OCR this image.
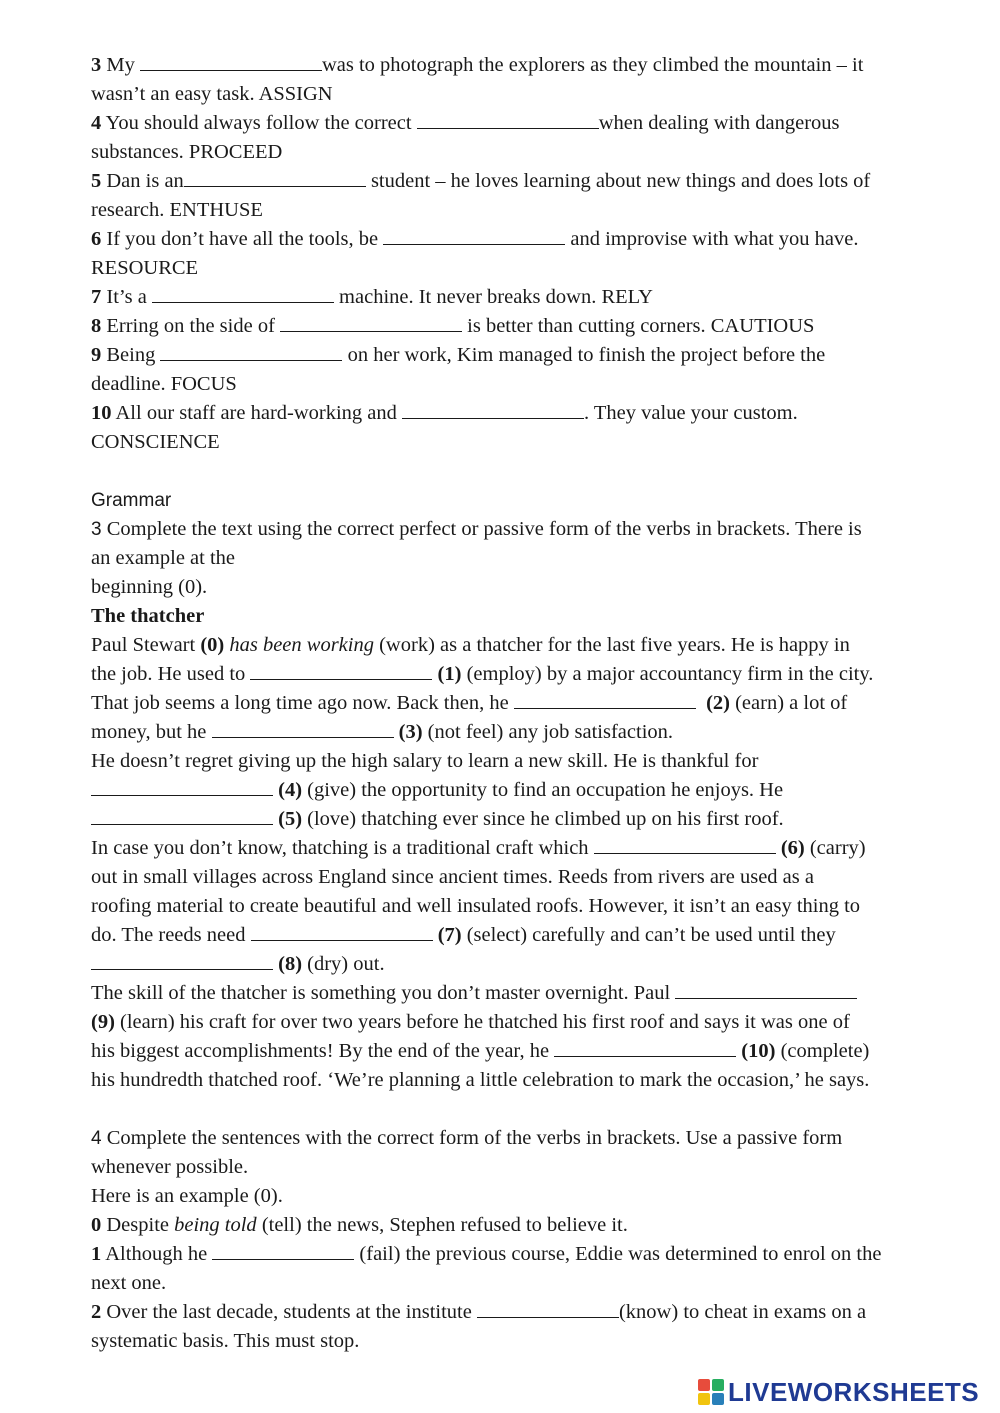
3 My	was to photograph the explorers as they climbed the mountain – it
wasn’t an easy task. ASSIGN
4 You should always follow the correct	when dealing with dangerous
substances. PROCEED
5 Dan is an	student – he loves learning about new things and does lots of
research. ENTHUSE
6 If you don’t have all the tools, be	and improvise with what you have.
RESOURCE
7 It’s a	machine. It never breaks down. RELY
8 Erring on the side of	is better than cutting corners. CAUTIOUS
9 Being	on her work, Kim managed to finish the project before the
deadline. FOCUS
10 All our staff are hard-working and	. They value your custom.
CONSCIENCE
Grammar
3 Complete the text using the correct perfect or passive form of the verbs in brackets. There is
an example at the
beginning (0).
The thatcher
Paul Stewart (0) has been working (work) as a thatcher for the last five years. He is happy in
the job. He used to	(1) (employ) by a major accountancy firm in the city.
That job seems a long time ago now. Back then, he	(2) (earn) a lot of
money, but he	(3) (not feel) any job satisfaction.
He doesn’t regret giving up the high salary to learn a new skill. He is thankful for
(4) (give) the opportunity to find an occupation he enjoys. He
(5) (love) thatching ever since he climbed up on his first roof.
In case you don’t know, thatching is a traditional craft which	(6) (carry)
out in small villages across England since ancient times. Reeds from rivers are used as a
roofing material to create beautiful and well insulated roofs. However, it isn’t an easy thing to
do. The reeds need	(7) (select) carefully and can’t be used until they
(8) (dry) out.
The skill of the thatcher is something you don’t master overnight. Paul
(9) (learn) his craft for over two years before he thatched his first roof and says it was one of
his biggest accomplishments! By the end of the year, he	(10) (complete)
his hundredth thatched roof. ‘We’re planning a little celebration to mark the occasion,’ he says.
4 Complete the sentences with the correct form of the verbs in brackets. Use a passive form
whenever possible.
Here is an example (0).
0 Despite being told (tell) the news, Stephen refused to believe it.
1 Although he	(fail) the previous course, Eddie was determined to enrol on the
next one.
2 Over the last decade, students at the institute	(know) to cheat in exams on a
systematic basis. This must stop.
LIVEWORKSHEETS
